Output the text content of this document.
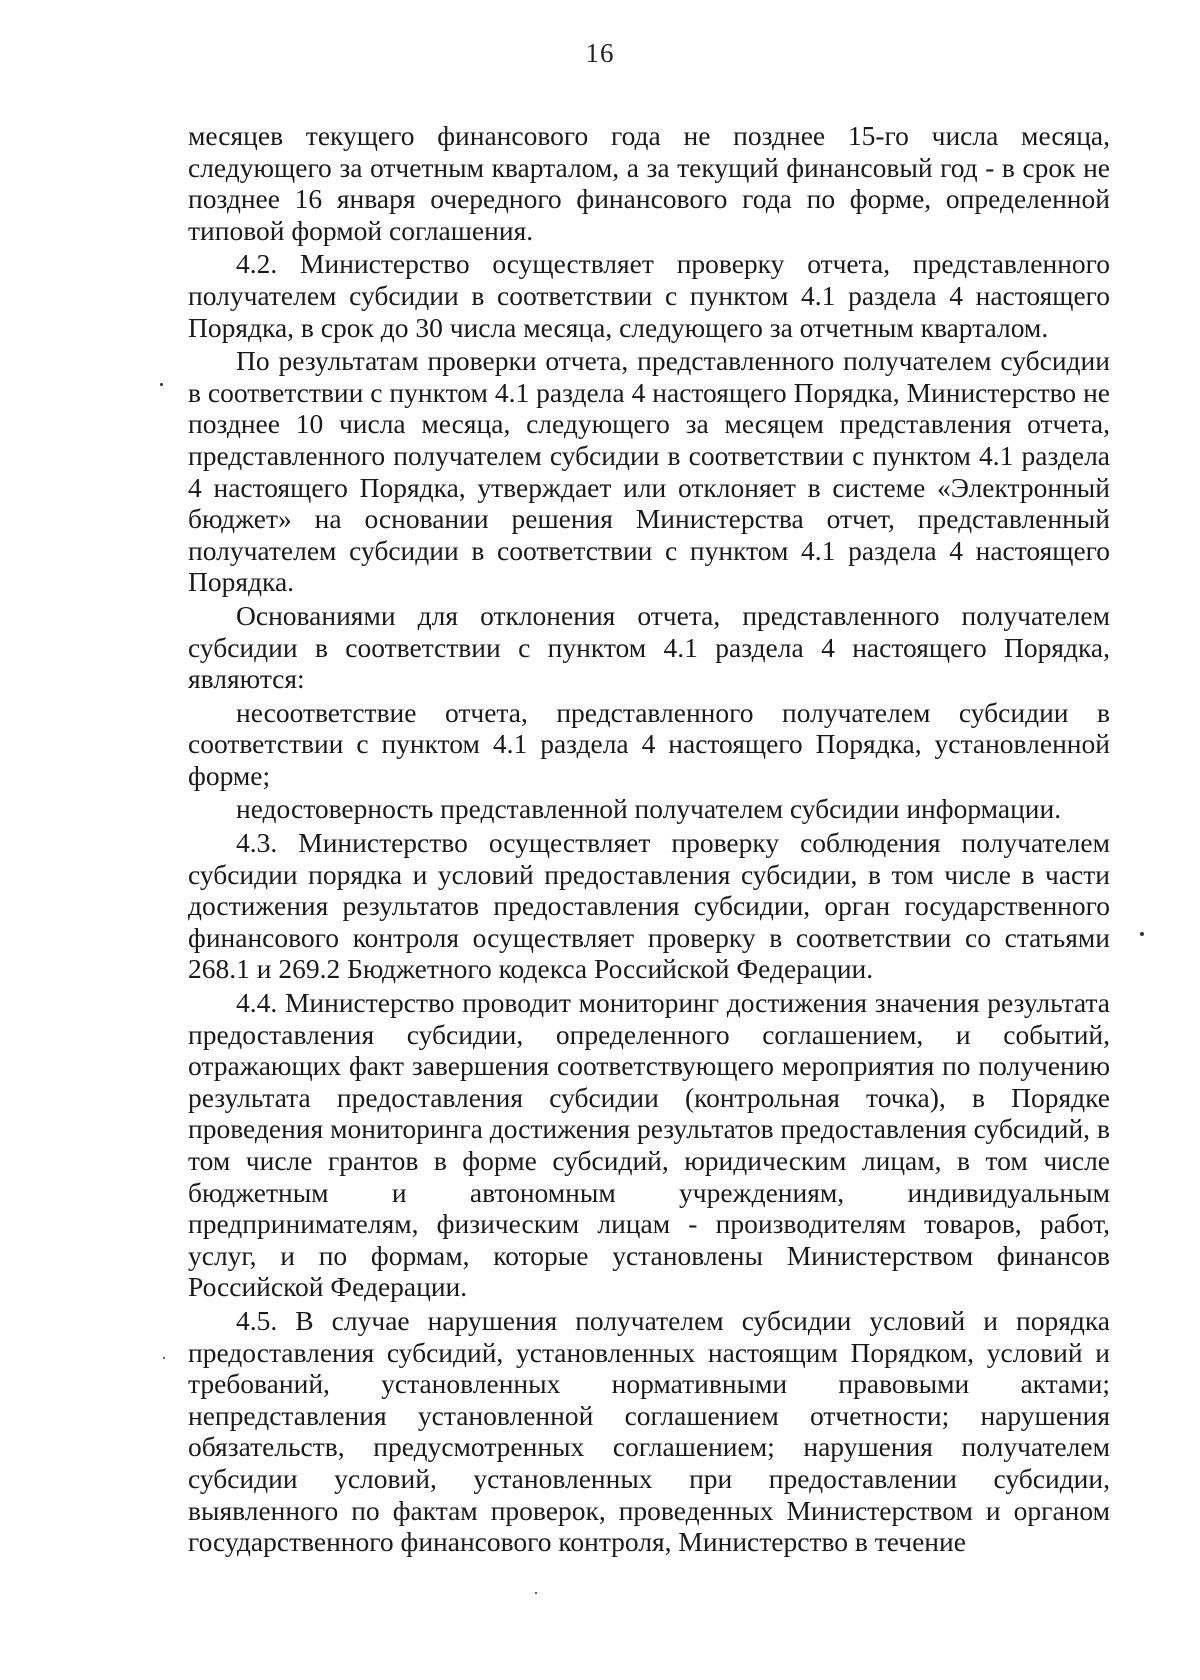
16

месяцев текущего финансового года не позднее 15-го числа месяца, следующего за отчетным кварталом, а за текущий финансовый год - в срок не позднее 16 января очередного финансового года по форме, определенной типовой формой соглашения.

4.2. Министерство осуществляет проверку отчета, представленного получателем субсидии в соответствии с пунктом 4.1 раздела 4 настоящего Порядка, в срок до 30 числа месяца, следующего за отчетным кварталом.

По результатам проверки отчета, представленного получателем субсидии в соответствии с пунктом 4.1 раздела 4 настоящего Порядка, Министерство не позднее 10 числа месяца, следующего за месяцем представления отчета, представленного получателем субсидии в соответствии с пунктом 4.1 раздела 4 настоящего Порядка, утверждает или отклоняет в системе «Электронный бюджет» на основании решения Министерства отчет, представленный получателем субсидии в соответствии с пунктом 4.1 раздела 4 настоящего Порядка.

Основаниями для отклонения отчета, представленного получателем субсидии в соответствии с пунктом 4.1 раздела 4 настоящего Порядка, являются:

несоответствие отчета, представленного получателем субсидии в соответствии с пунктом 4.1 раздела 4 настоящего Порядка, установленной форме;

недостоверность представленной получателем субсидии информации.

4.3. Министерство осуществляет проверку соблюдения получателем субсидии порядка и условий предоставления субсидии, в том числе в части достижения результатов предоставления субсидии, орган государственного финансового контроля осуществляет проверку в соответствии со статьями 268.1 и 269.2 Бюджетного кодекса Российской Федерации.

4.4. Министерство проводит мониторинг достижения значения результата предоставления субсидии, определенного соглашением, и событий, отражающих факт завершения соответствующего мероприятия по получению результата предоставления субсидии (контрольная точка), в Порядке проведения мониторинга достижения результатов предоставления субсидий, в том числе грантов в форме субсидий, юридическим лицам, в том числе бюджетным и автономным учреждениям, индивидуальным предпринимателям, физическим лицам - производителям товаров, работ, услуг, и по формам, которые установлены Министерством финансов Российской Федерации.

4.5. В случае нарушения получателем субсидии условий и порядка предоставления субсидий, установленных настоящим Порядком, условий и требований, установленных нормативными правовыми актами; непредставления установленной соглашением отчетности; нарушения обязательств, предусмотренных соглашением; нарушения получателем субсидии условий, установленных при предоставлении субсидии, выявленного по фактам проверок, проведенных Министерством и органом государственного финансового контроля, Министерство в течение
